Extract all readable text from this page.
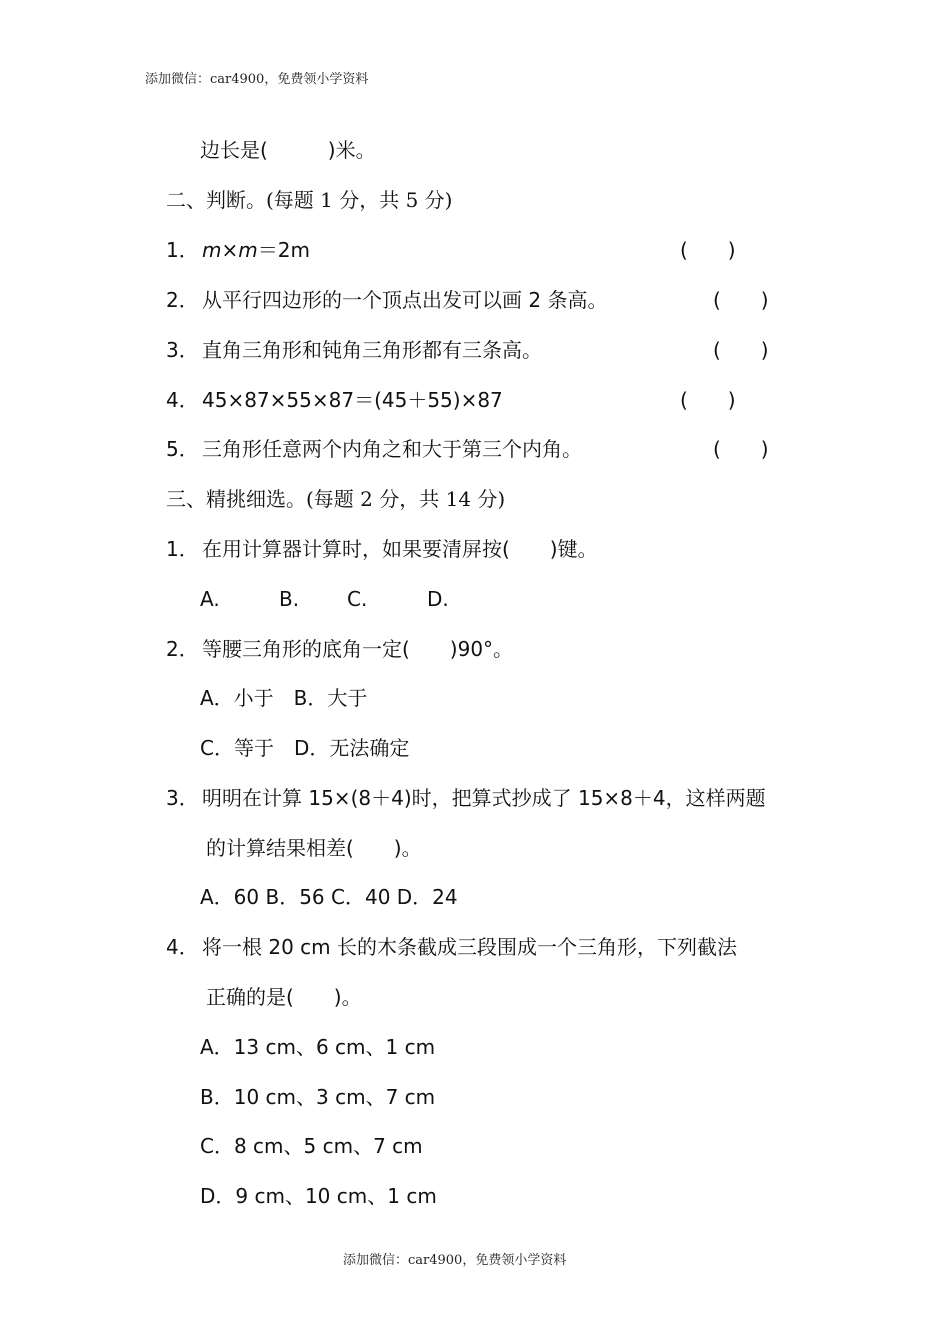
添加微信：car4900，免费领小学资料
边长是(　　　)米。
二、判断。(每题 1 分，共 5 分)
1． m×m＝2m	(　　)
2． 从平行四边形的一个顶点出发可以画 2 条高。	(　　)
3． 直角三角形和钝角三角形都有三条高。	(　　)
4． 45×87×55×87＝(45＋55)×87	(　　)
5． 三角形任意两个内角之和大于第三个内角。	(　　)
三、精挑细选。(每题 2 分，共 14 分)
1． 在用计算器计算时，如果要清屏按(　　)键。
A.	B. C.	D.
2． 等腰三角形的底角一定(　　)90°。
A．小于　B．大于
C．等于　D．无法确定
3． 明明在计算 15×(8＋4)时，把算式抄成了 15×8＋4，这样两题
的计算结果相差(　　)。
A．60 B．56 C．40 D．24
4． 将一根 20 cm 长的木条截成三段围成一个三角形，下列截法
正确的是(　　)。
A．13 cm、6 cm、1 cm
B．10 cm、3 cm、7 cm
C．8 cm、5 cm、7 cm
D．9 cm、10 cm、1 cm
添加微信：car4900，免费领小学资料
